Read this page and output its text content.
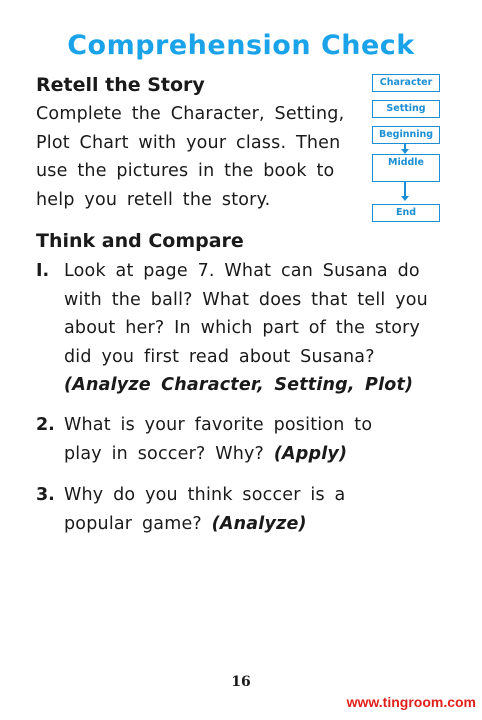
Comprehension Check
Retell the Story
Complete the Character, Setting, Plot Chart with your class. Then use the pictures in the book to help you retell the story.
Character
Setting
Beginning
Middle
End
Think and Compare
I. Look at page 7. What can Susana do with the ball? What does that tell you about her? In which part of the story did you first read about Susana? (Analyze Character, Setting, Plot)
2. What is your favorite position to play in soccer? Why? (Apply)
3. Why do you think soccer is a popular game? (Analyze)
16
www.tingroom.com
